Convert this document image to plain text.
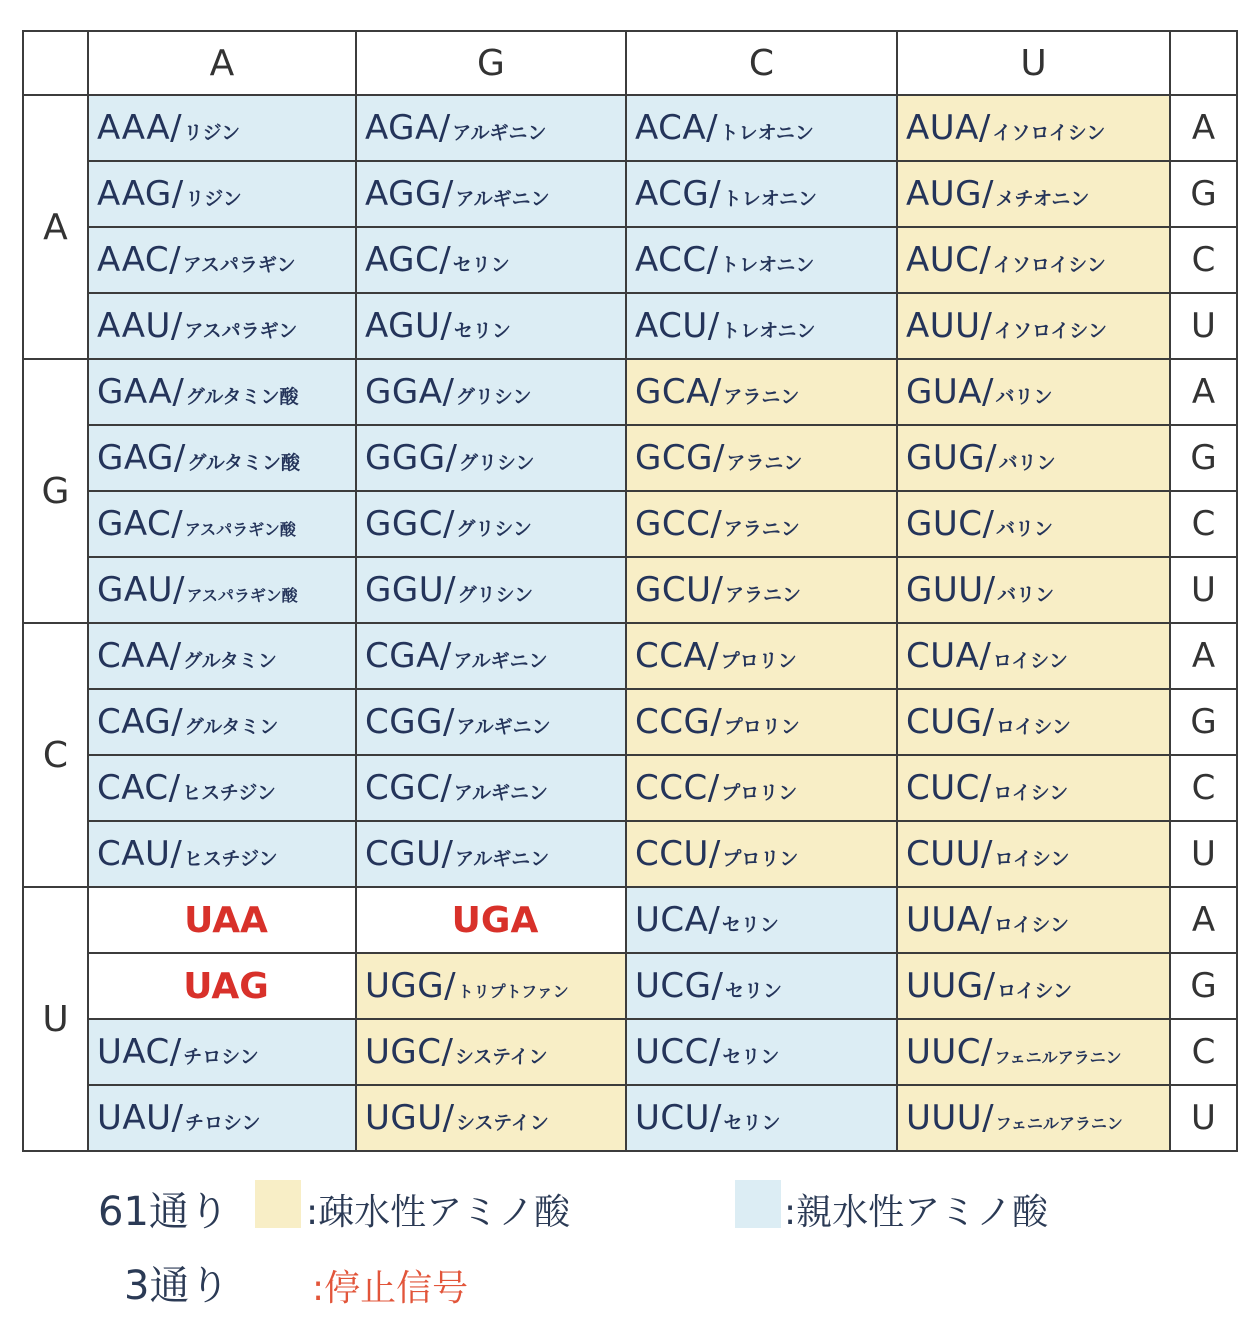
	A	G	C	U	
A	AAA/ リジン	AGA/ アルギニン	ACA/ トレオニン	AUA/ イソロイシン	A
	AAG/ リジン	AGG/ アルギニン	ACG/ トレオニン	AUG/ メチオニン	G
	AAC/ アスパラギン	AGC/ セリン	ACC/ トレオニン	AUC/ イソロイシン	C
	AAU/ アスパラギン	AGU/ セリン	ACU/ トレオニン	AUU/ イソロイシン	U
G	GAA/ グルタミン酸	GGA/ グリシン	GCA/ アラニン	GUA/ バリン	A
	GAG/ グルタミン酸	GGG/ グリシン	GCG/ アラニン	GUG/ バリン	G
	GAC/ アスパラギン酸	GGC/ グリシン	GCC/ アラニン	GUC/ バリン	C
	GAU/ アスパラギン酸	GGU/ グリシン	GCU/ アラニン	GUU/ バリン	U
C	CAA/ グルタミン	CGA/ アルギニン	CCA/ プロリン	CUA/ ロイシン	A
	CAG/ グルタミン	CGG/ アルギニン	CCG/ プロリン	CUG/ ロイシン	G
	CAC/ ヒスチジン	CGC/ アルギニン	CCC/ プロリン	CUC/ ロイシン	C
	CAU/ ヒスチジン	CGU/ アルギニン	CCU/ プロリン	CUU/ ロイシン	U
U	UAA	UGA	UCA/ セリン	UUA/ ロイシン	A
	UAG	UGG/ トリプトファン	UCG/ セリン	UUG/ ロイシン	G
	UAC/ チロシン	UGC/ システイン	UCC/ セリン	UUC/ フェニルアラニン	C
	UAU/ チロシン	UGU/ システイン	UCU/ セリン	UUU/ フェニルアラニン	U
61通り :疎水性アミノ酸	:親水性アミノ酸
3通り :停止信号
